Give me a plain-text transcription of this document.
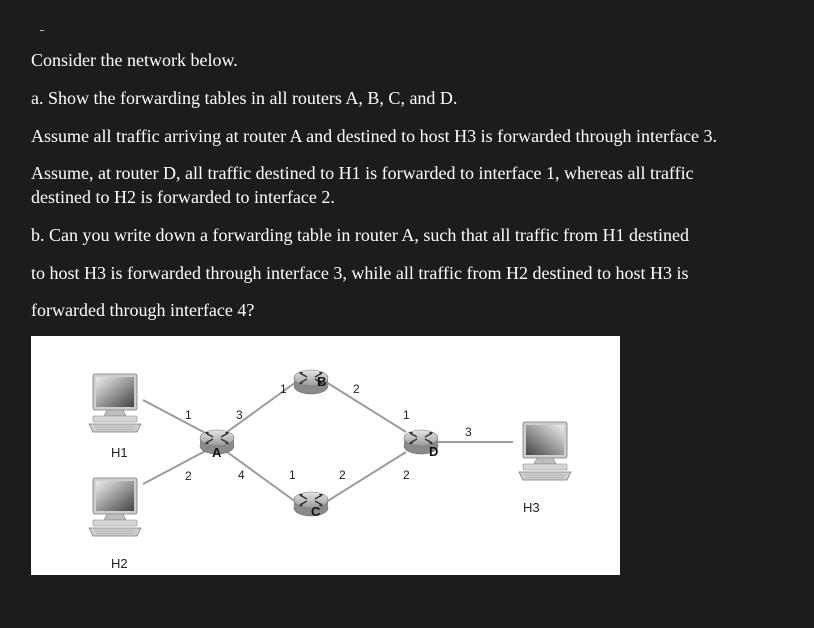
Consider the network below.

a. Show the forwarding tables in all routers A, B, C, and D.

Assume all traffic arriving at router A and destined to host H3 is forwarded through interface 3.

Assume, at router D, all traffic destined to H1 is forwarded to interface 1, whereas all traffic

destined to H2 is forwarded to interface 2.

b. Can you write down a forwarding table in router A, such that all traffic from H1 destined

to host H3 is forwarded through interface 3, while all traffic from H2 destined to host H3 is

forwarded through interface 4?

A
B
C
D
H1
H2
H3
1
2
3
4
1	2
1	2
1
2
3
